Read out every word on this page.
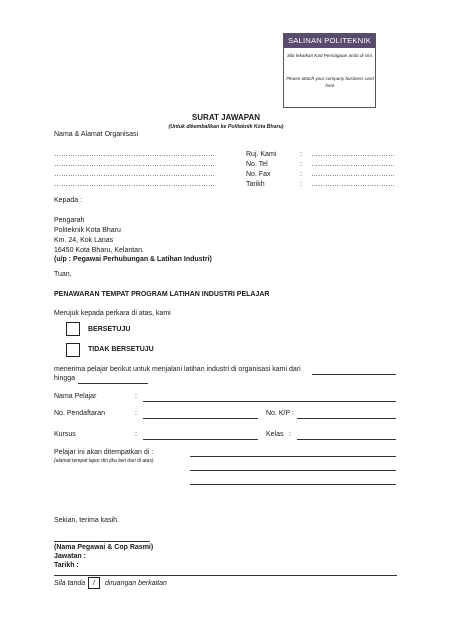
SALINAN POLITEKNIK
Sila lekatkan Kad Perniagaan anda di sini.
Please attach your company business card here
SURAT JAWAPAN
(Untuk dikembalikan ke Politeknik Kota Bharu)
Nama & Alamat Organisasi
……………………………………………………………
……………………………………………………………
……………………………………………………………
……………………………………………………………
Ruj. Kami	: ………………………………
No. Tel	: ………………………………
No. Fax	: ………………………………
Tarikh	: ………………………………
Kepada :
Pengarah
Politeknik Kota Bharu
Km. 24, Kok Lanas
16450 Kota Bharu, Kelantan.
(u/p : Pegawai Perhubungan & Latihan Industri)
Tuan,
PENAWARAN TEMPAT PROGRAM LATIHAN INDUSTRI PELAJAR
Merujuk kepada perkara di atas, kami
BERSETUJU
TIDAK BERSETUJU
menerima pelajar berikut untuk menjalani latihan industri di organisasi kami dari
hingga
Nama Pelajar	:
No. Pendaftaran	:	No. K/P :
Kursus	:	Kelas :
Pelajar ini akan ditempatkan di :
(alamat tempat lapor diri jika lain dari di atas)
Sekian, terima kasih.
(Nama Pegawai & Cop Rasmi)
Jawatan :
Tarikh :
Sila tanda	/	diruangan berkaitan
